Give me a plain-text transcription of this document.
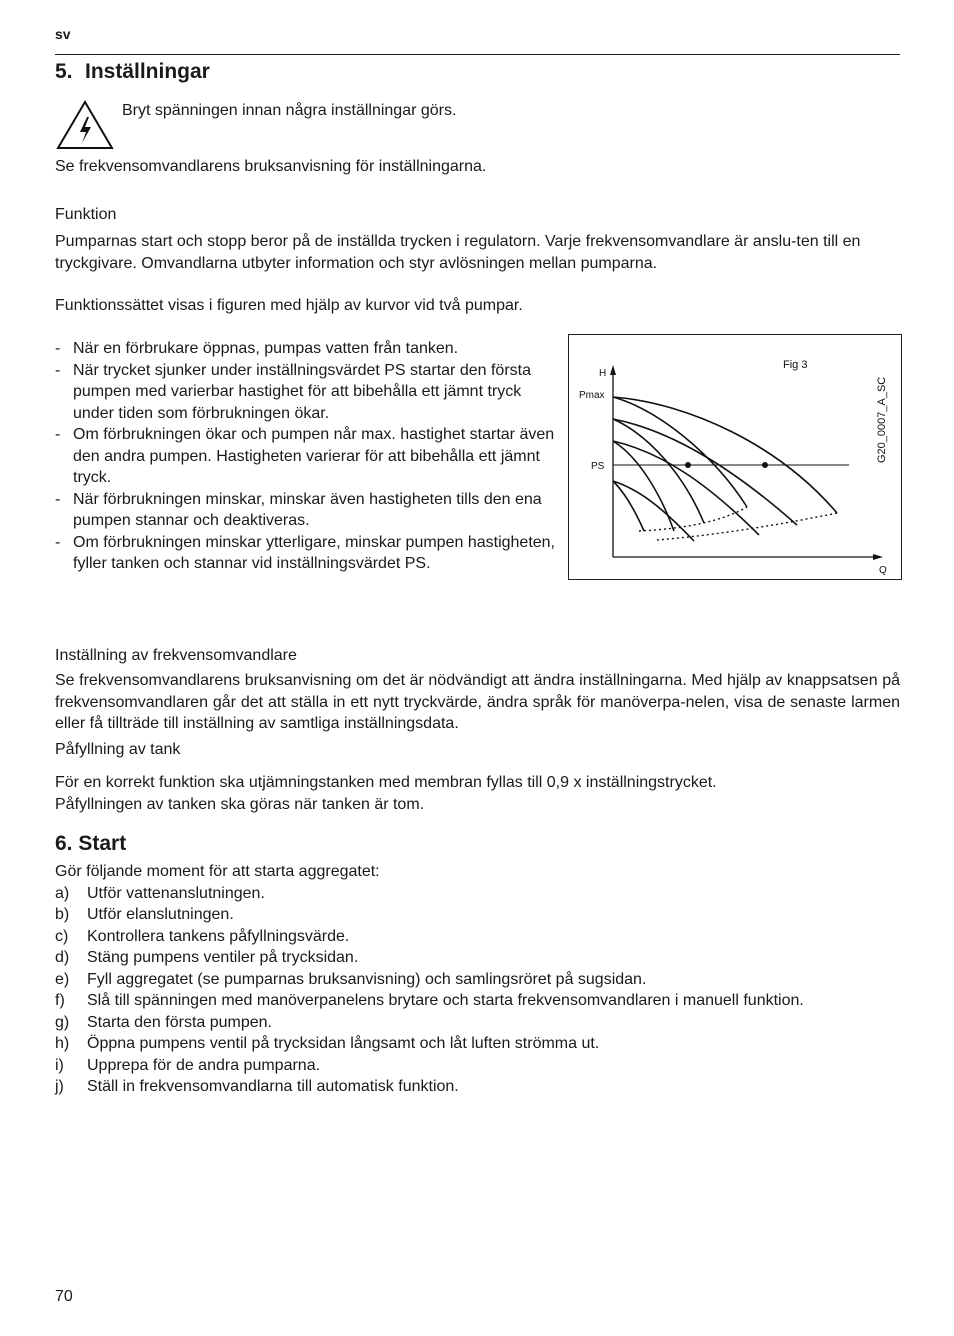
sv
5. Inställningar
Bryt spänningen innan några inställningar görs.
Se frekvensomvandlarens bruksanvisning för inställningarna.
Funktion
Pumparnas start och stopp beror på de inställda trycken i regulatorn. Varje frekvensomvandlare är anslu-ten till en tryckgivare. Omvandlarna utbyter information och styr avlösningen mellan pumparna.
Funktionssättet visas i figuren med hjälp av kurvor vid två pumpar.
- När en förbrukare öppnas, pumpas vatten från tanken.
- När trycket sjunker under inställningsvärdet PS startar den första pumpen med varierbar hastighet för att bibehålla ett jämnt tryck under tiden som förbrukningen ökar.
- Om förbrukningen ökar och pumpen når max. hastighet startar även den andra pumpen. Hastigheten varierar för att bibehålla ett jämnt tryck.
- När förbrukningen minskar, minskar även hastigheten tills den ena pumpen stannar och deaktiveras.
- Om förbrukningen minskar ytterligare, minskar pumpen hastigheten, fyller tanken och stannar vid inställningsvärdet PS.
H
Pmax
PS
Q
Fig 3
G20_0007_A_SC
Inställning av frekvensomvandlare
Se frekvensomvandlarens bruksanvisning om det är nödvändigt att ändra inställningarna. Med hjälp av knappsatsen på frekvensomvandlaren går det att ställa in ett nytt tryckvärde, ändra språk för manöverpa-nelen, visa de senaste larmen eller få tillträde till inställning av samtliga inställningsdata.
Påfyllning av tank
För en korrekt funktion ska utjämningstanken med membran fyllas till 0,9 x inställningstrycket.
Påfyllningen av tanken ska göras när tanken är tom.
6. Start
Gör följande moment för att starta aggregatet:
a) Utför vattenanslutningen.
b) Utför elanslutningen.
c) Kontrollera tankens påfyllningsvärde.
d) Stäng pumpens ventiler på trycksidan.
e) Fyll aggregatet (se pumparnas bruksanvisning) och samlingsröret på sugsidan.
f) Slå till spänningen med manöverpanelens brytare och starta frekvensomvandlaren i manuell funktion.
g) Starta den första pumpen.
h) Öppna pumpens ventil på trycksidan långsamt och låt luften strömma ut.
i) Upprepa för de andra pumparna.
j) Ställ in frekvensomvandlarna till automatisk funktion.
70
